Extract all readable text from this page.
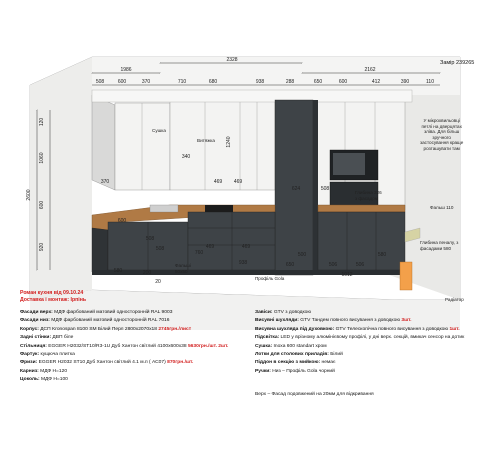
2328
1986	2162
508	600	370	710	680	938	288	650	600	412	390	110
120
1060
920
600
2600
370
340
1240
469 469
624	508
580
600
508
508
200
20
760
469	469
938	650
500
1012
506	506
580
Замір 239265
Сушка
Витяжка
Фальші
50x50
Профіль Gola
Глибина 326
з фасадом
Фальш 110
Глибина пеналу, з
фасадами 580
Радіатор
У мікрохвильовці
петлі на дверцятах
зліва. Для більш
зручного
застосування краще
розташувати там
Роман кухня від 09.10.24
Доставка і монтаж: Ірпінь
Фасади верх: МДФ фарбований матовий односторонній RAL 9003
Фасади низ: МДФ фарбований матовий односторонній RAL 7016
Корпус: ДСП Kronospan 8100 SM Білий Перл 2800x2070x18 2745грн./лист
Задні стінки: ДВП біле
Стільниця: EGGER H2032/ST10/R3-1U Дуб Хантон світлий 4100x600x38 5630грн./шт. 2шт.
Фартук: кущюча плитка
Фризи: EGGER H2032 ST10 Дуб Хантон світлий 4.1 м.п ( АС07) 870грн./шт.
Карниз: МДФ Н=120
Цоколь: МДФ Н=100
Завіси: GTV з доводкою
Висувні шухляди: GTV Тандем повного висування з доводкою 3шт.
Висувна шухляда під духовкою: GTV Телескопічна повного висування з доводкою 1шт.
Підсвітка: LED у врізному алюмінієвому профілі, у дні верх. секцій, вмикач сенсор на дотик
Сушка: Inoxa 600 standart хром
Лотки для столових приладів: Білий
Піддон в секцію з мийкою: немає
Ручки: Низ – Профіль Gola чорний
Верх – Фасад подовжений на 20мм для відкривання
